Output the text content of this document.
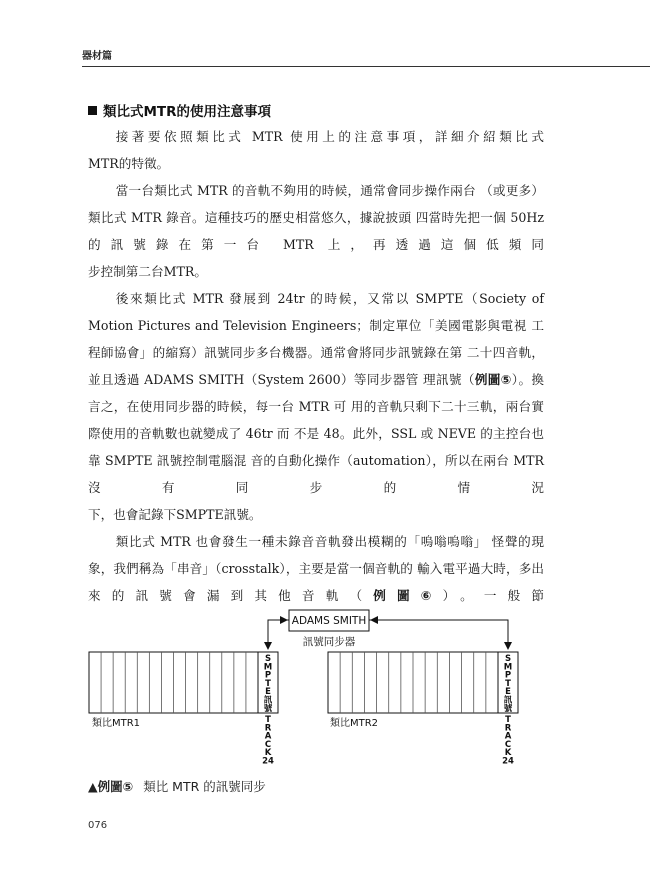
器材篇
類比式MTR的使用注意事項

接著要依照類比式 MTR 使用上的注意事項，詳細介紹類比式
MTR的特徵。

當一台類比式 MTR 的音軌不夠用的時候，通常會同步操作兩台 （或更多）類比式 MTR 錄音。這種技巧的歷史相當悠久，據說披頭 四當時先把一個 50Hz 的訊號錄在第一台 MTR 上，再透過這個低頻同
步控制第二台MTR。

後來類比式 MTR 發展到 24tr 的時候，又常以 SMPTE（Society of Motion Pictures and Television Engineers；制定單位「美國電影與電視 工程師協會」的縮寫）訊號同步多台機器。通常會將同步訊號錄在第 二十四音軌，並且透過 ADAMS SMITH（System 2600）等同步器管 理訊號（例圖⑤）。換言之，在使用同步器的時候，每一台 MTR 可 用的音軌只剩下二十三軌，兩台實際使用的音軌數也就變成了 46tr 而 不是 48。此外，SSL 或 NEVE 的主控台也靠 SMPTE 訊號控制電腦混 音的自動化操作（automation），所以在兩台 MTR 沒有同步的情況
下，也會記錄下SMPTE訊號。

類比式 MTR 也會發生一種未錄音音軌發出模糊的「嗚嗡嗚嗡」 怪聲的現象，我們稱為「串音」（crosstalk），主要是當一個音軌的 輸入電平過大時，多出來的訊號會漏到其他音軌（例圖⑥）。一般節

ADAMS SMITH
訊號同步器
S
M
P
T
E
訊
號
T
R
A
C
K
24
類比MTR1
S
M
P
T
E
訊
號
T
R
A
C
K
24
類比MTR2
▲例圖⑤ 類比 MTR 的訊號同步
076
